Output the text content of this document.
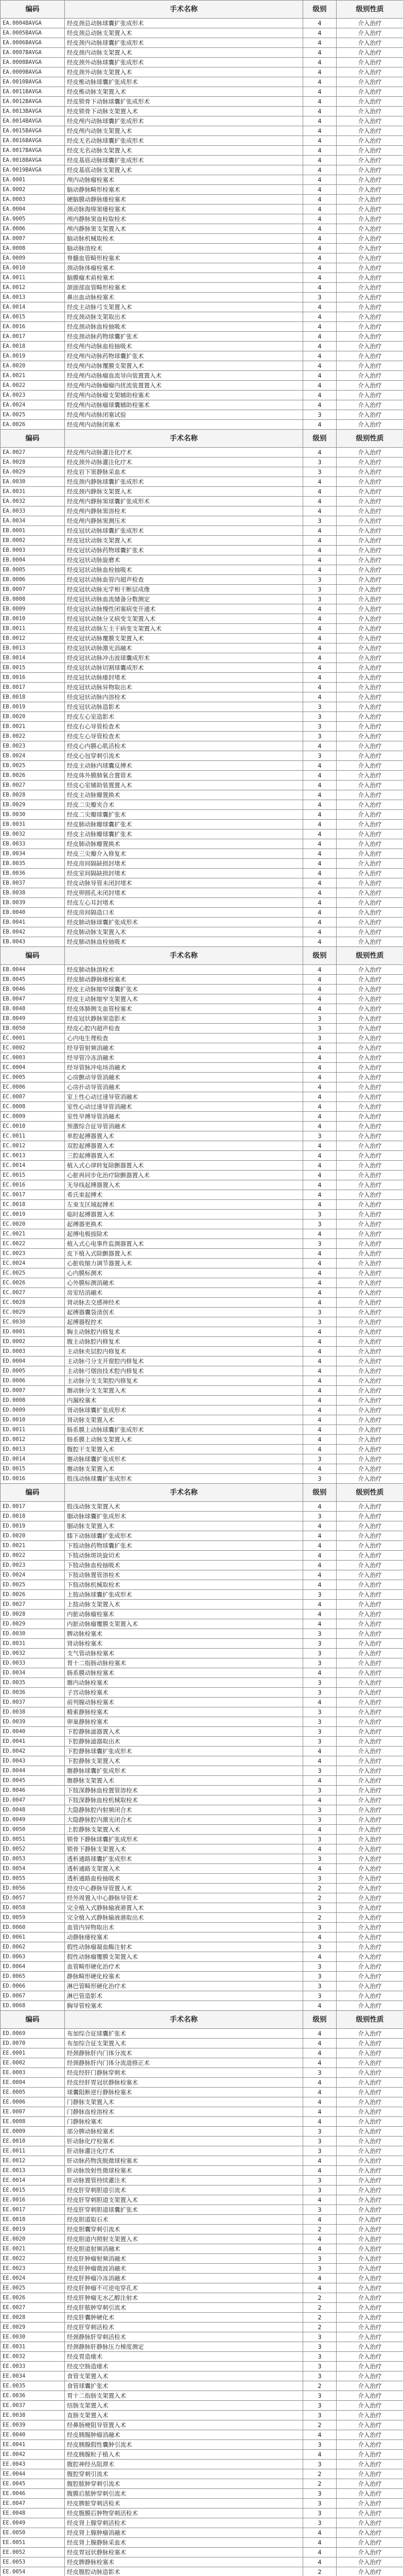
编码	手术名称	级别	级别性质
EA.0004BAVGA	经皮颈总动脉球囊扩张成形术	4	介入治疗
EA.0005BAVGA	经皮颈总动脉支架置入术	4	介入治疗
EA.0006BAVGA	经皮颈内动脉球囊扩张成形术	4	介入治疗
EA.0007BAVGA	经皮颈内动脉支架置入术	4	介入治疗
EA.0008BAVGA	经皮颈外动脉球囊扩张成形术	4	介入治疗
EA.0009BAVGA	经皮颈外动脉支架置入术	4	介入治疗
EA.0010BAVGA	经皮椎动脉球囊扩张成形术	4	介入治疗
EA.0011BAVGA	经皮椎动脉支架置入术	4	介入治疗
EA.0012BAVGA	经皮锁骨下动脉球囊扩张成形术	4	介入治疗
EA.0013BAVGA	经皮锁骨下动脉支架置入术	4	介入治疗
EA.0014BAVGA	经皮颅内动脉球囊扩张成形术	4	介入治疗
EA.0015BAVGA	经皮颅内动脉支架置入术	4	介入治疗
EA.0016BAVGA	经皮无名动脉球囊扩张成形术	4	介入治疗
EA.0017BAVGA	经皮无名动脉支架置入术	4	介入治疗
EA.0018BAVGA	经皮基底动脉球囊扩张成形术	4	介入治疗
EA.0019BAVGA	经皮基底动脉支架置入术	4	介入治疗
EA.0001	颅内动脉瘤栓塞术	4	介入治疗
EA.0002	脑动静脉畸形栓塞术	4	介入治疗
EA.0003	硬脑膜动静脉瘘栓塞术	4	介入治疗
EA.0004	颈动脉海绵窦瘘栓塞术	4	介入治疗
EA.0005	颅内静脉窦血栓取栓术	4	介入治疗
EA.0006	颅内静脉窦支架置入术	4	介入治疗
EA.0007	脑动脉机械取栓术	4	介入治疗
EA.0008	脑动脉溶栓术	4	介入治疗
EA.0009	脊髓血管畸形栓塞术	4	介入治疗
EA.0010	颈动脉体瘤栓塞术	4	介入治疗
EA.0011	脑膜瘤术前栓塞术	4	介入治疗
EA.0012	颌面部血管畸形栓塞术	4	介入治疗
EA.0013	鼻出血动脉栓塞术	3	介入治疗
EA.0014	经皮主动脉弓支架置入术	4	介入治疗
EA.0015	经皮颈动脉支架取出术	4	介入治疗
EA.0016	经皮颈动脉血栓抽吸术	4	介入治疗
EA.0017	经皮颈动脉药物球囊扩张术	4	介入治疗
EA.0018	经皮颅内动脉血栓抽吸术	4	介入治疗
EA.0019	经皮颅内动脉药物球囊扩张术	4	介入治疗
EA.0020	经皮颅内动脉覆膜支架置入术	4	介入治疗
EA.0021	经皮颅内动脉瘤血流导向装置置入术	4	介入治疗
EA.0022	经皮颅内动脉瘤瘤内扰流装置置入术	4	介入治疗
EA.0023	经皮颅内动脉瘤支架辅助栓塞术	4	介入治疗
EA.0024	经皮颅内动脉瘤球囊辅助栓塞术	4	介入治疗
EA.0025	经皮颅内动脉闭塞试验	3	介入治疗
EA.0026	经皮颅内动脉闭塞术	4	介入治疗
编码	手术名称	级别	级别性质
EA.0027	经皮颅内动脉灌注化疗术	4	介入治疗
EA.0028	经皮颈外动脉灌注化疗术	3	介入治疗
EA.0029	经皮岩下窦静脉采血术	3	介入治疗
EA.0030	经皮颈内静脉球囊扩张成形术	4	介入治疗
EA.0031	经皮颈内静脉支架置入术	4	介入治疗
EA.0032	经皮颅内静脉窦球囊扩张成形术	4	介入治疗
EA.0033	经皮颅内静脉窦溶栓术	4	介入治疗
EA.0034	经皮颅内静脉窦测压术	3	介入治疗
EB.0001	经皮冠状动脉球囊扩张成形术	4	介入治疗
EB.0002	经皮冠状动脉支架置入术	4	介入治疗
EB.0003	经皮冠状动脉药物球囊扩张术	4	介入治疗
EB.0004	经皮冠状动脉旋磨术	4	介入治疗
EB.0005	经皮冠状动脉血栓抽吸术	4	介入治疗
EB.0006	经皮冠状动脉血管内超声检查	3	介入治疗
EB.0007	经皮冠状动脉光学相干断层成像	3	介入治疗
EB.0008	经皮冠状动脉血流储备分数测定	3	介入治疗
EB.0009	经皮冠状动脉慢性闭塞病变开通术	4	介入治疗
EB.0010	经皮冠状动脉分叉病变支架置入术	4	介入治疗
EB.0011	经皮冠状动脉左主干病变支架置入术	4	介入治疗
EB.0012	经皮冠状动脉覆膜支架置入术	4	介入治疗
EB.0013	经皮冠状动脉激光消融术	4	介入治疗
EB.0014	经皮冠状动脉冲击波球囊成形术	4	介入治疗
EB.0015	经皮冠状动脉切割球囊成形术	4	介入治疗
EB.0016	经皮冠状动脉瘘封堵术	4	介入治疗
EB.0017	经皮冠状动脉异物取出术	4	介入治疗
EB.0018	经皮冠状动脉内溶栓术	4	介入治疗
EB.0019	经皮冠状动脉造影术	3	介入治疗
EB.0020	经皮左心室造影术	3	介入治疗
EB.0021	经皮右心导管检查术	3	介入治疗
EB.0022	经皮左心导管检查术	3	介入治疗
EB.0023	经皮心内膜心肌活检术	4	介入治疗
EB.0024	经皮心包穿刺引流术	3	介入治疗
EB.0025	经皮主动脉内球囊反搏术	4	介入治疗
EB.0026	经皮体外膜肺氧合置管术	4	介入治疗
EB.0027	经皮心室辅助装置置入术	4	介入治疗
EB.0028	经皮主动脉瓣置换术	4	介入治疗
EB.0029	经皮二尖瓣夹合术	4	介入治疗
EB.0030	经皮二尖瓣球囊扩张术	4	介入治疗
EB.0031	经皮肺动脉瓣球囊扩张术	4	介入治疗
EB.0032	经皮主动脉瓣球囊扩张术	4	介入治疗
EB.0033	经皮肺动脉瓣置换术	4	介入治疗
EB.0034	经皮三尖瓣介入修复术	4	介入治疗
EB.0035	经皮房间隔缺损封堵术	4	介入治疗
EB.0036	经皮室间隔缺损封堵术	4	介入治疗
EB.0037	经皮动脉导管未闭封堵术	4	介入治疗
EB.0038	经皮卵圆孔未闭封堵术	4	介入治疗
EB.0039	经皮左心耳封堵术	4	介入治疗
EB.0040	经皮房间隔造口术	4	介入治疗
EB.0041	经皮肺动脉球囊扩张成形术	4	介入治疗
EB.0042	经皮肺动脉支架置入术	4	介入治疗
EB.0043	经皮肺动脉血栓抽吸术	4	介入治疗
编码	手术名称	级别	级别性质
EB.0044	经皮肺动脉溶栓术	4	介入治疗
EB.0045	经皮肺动静脉瘘栓塞术	4	介入治疗
EB.0046	经皮主动脉缩窄球囊扩张术	4	介入治疗
EB.0047	经皮主动脉缩窄支架置入术	4	介入治疗
EB.0048	经皮体肺侧支血管栓塞术	4	介入治疗
EB.0049	经皮冠状静脉窦造影术	3	介入治疗
EB.0050	经皮心腔内超声检查	3	介入治疗
EC.0001	心内电生理检查	3	介入治疗
EC.0002	经导管射频消融术	4	介入治疗
EC.0003	经导管冷冻消融术	4	介入治疗
EC.0004	经导管脉冲电场消融术	4	介入治疗
EC.0005	心房颤动导管消融术	4	介入治疗
EC.0006	心房扑动导管消融术	4	介入治疗
EC.0007	室上性心动过速导管消融术	4	介入治疗
EC.0008	室性心动过速导管消融术	4	介入治疗
EC.0009	室性早搏导管消融术	4	介入治疗
EC.0010	预激综合征导管消融术	4	介入治疗
EC.0011	单腔起搏器置入术	3	介入治疗
EC.0012	双腔起搏器置入术	4	介入治疗
EC.0013	三腔起搏器置入术	4	介入治疗
EC.0014	植入式心律转复除颤器置入术	4	介入治疗
EC.0015	心脏再同步化治疗除颤器置入术	4	介入治疗
EC.0016	无导线起搏器置入术	4	介入治疗
EC.0017	希氏束起搏术	4	介入治疗
EC.0018	左束支区域起搏术	4	介入治疗
EC.0019	临时起搏器置入术	3	介入治疗
EC.0020	起搏器更换术	3	介入治疗
EC.0021	起搏电极拔除术	4	介入治疗
EC.0022	植入式心电事件监测器置入术	3	介入治疗
EC.0023	皮下植入式除颤器置入术	4	介入治疗
EC.0024	心脏收缩力调节器置入术	4	介入治疗
EC.0025	心内膜标测术	4	介入治疗
EC.0026	心外膜标测消融术	4	介入治疗
EC.0027	房室结消融术	4	介入治疗
EC.0028	肾动脉去交感神经术	4	介入治疗
EC.0029	起搏器囊袋清创术	3	介入治疗
EC.0030	起搏器程控术	3	介入治疗
ED.0001	胸主动脉腔内修复术	4	介入治疗
ED.0002	腹主动脉腔内修复术	4	介入治疗
ED.0003	主动脉夹层腔内修复术	4	介入治疗
ED.0004	主动脉弓分支开窗腔内修复术	4	介入治疗
ED.0005	主动脉弓烟囱技术腔内修复术	4	介入治疗
ED.0006	主动脉分支支架腔内修复术	4	介入治疗
ED.0007	髂动脉分支支架置入术	4	介入治疗
ED.0008	内漏栓塞术	4	介入治疗
ED.0009	肾动脉球囊扩张成形术	4	介入治疗
ED.0010	肾动脉支架置入术	4	介入治疗
ED.0011	肠系膜上动脉球囊扩张成形术	4	介入治疗
ED.0012	肠系膜上动脉支架置入术	4	介入治疗
ED.0013	腹腔干支架置入术	4	介入治疗
ED.0014	髂动脉球囊扩张成形术	3	介入治疗
ED.0015	髂动脉支架置入术	4	介入治疗
ED.0016	股浅动脉球囊扩张成形术	3	介入治疗
编码	手术名称	级别	级别性质
ED.0017	股浅动脉支架置入术	4	介入治疗
ED.0018	腘动脉球囊扩张成形术	3	介入治疗
ED.0019	腘动脉支架置入术	4	介入治疗
ED.0020	膝下动脉球囊扩张成形术	4	介入治疗
ED.0021	下肢动脉药物球囊扩张术	4	介入治疗
ED.0022	下肢动脉斑块旋切术	4	介入治疗
ED.0023	下肢动脉血栓抽吸术	4	介入治疗
ED.0024	下肢动脉置管溶栓术	4	介入治疗
ED.0025	下肢动脉机械取栓术	4	介入治疗
ED.0026	上肢动脉球囊扩张成形术	3	介入治疗
ED.0027	上肢动脉支架置入术	4	介入治疗
ED.0028	内脏动脉瘤栓塞术	4	介入治疗
ED.0029	内脏动脉瘤覆膜支架置入术	4	介入治疗
ED.0030	脾动脉栓塞术	3	介入治疗
ED.0031	肾动脉栓塞术	3	介入治疗
ED.0032	支气管动脉栓塞术	3	介入治疗
ED.0033	胃十二指肠动脉栓塞术	3	介入治疗
ED.0034	肠系膜动脉栓塞术	4	介入治疗
ED.0035	髂内动脉栓塞术	3	介入治疗
ED.0036	子宫动脉栓塞术	3	介入治疗
ED.0037	前列腺动脉栓塞术	4	介入治疗
ED.0038	精索静脉栓塞术	3	介入治疗
ED.0039	卵巢静脉栓塞术	3	介入治疗
ED.0040	下腔静脉滤器置入术	3	介入治疗
ED.0041	下腔静脉滤器取出术	3	介入治疗
ED.0042	下腔静脉球囊扩张成形术	4	介入治疗
ED.0043	下腔静脉支架置入术	4	介入治疗
ED.0044	髂静脉球囊扩张成形术	3	介入治疗
ED.0045	髂静脉支架置入术	4	介入治疗
ED.0046	下肢深静脉血栓置管溶栓术	3	介入治疗
ED.0047	下肢深静脉血栓机械取栓术	4	介入治疗
ED.0048	大隐静脉腔内射频闭合术	3	介入治疗
ED.0049	大隐静脉腔内激光闭合术	3	介入治疗
ED.0050	上腔静脉支架置入术	4	介入治疗
ED.0051	锁骨下静脉球囊扩张成形术	3	介入治疗
ED.0052	锁骨下静脉支架置入术	4	介入治疗
ED.0053	透析通路球囊扩张成形术	3	介入治疗
ED.0054	透析通路支架置入术	4	介入治疗
ED.0055	透析通路血栓抽吸术	3	介入治疗
ED.0056	经皮中心静脉导管置入术	2	介入治疗
ED.0057	经外周置入中心静脉导管术	2	介入治疗
ED.0058	完全植入式静脉输液港置入术	3	介入治疗
ED.0059	完全植入式静脉输液港取出术	2	介入治疗
ED.0060	血管内异物取出术	3	介入治疗
ED.0061	动静脉瘘栓塞术	4	介入治疗
ED.0062	假性动脉瘤凝血酶注射术	3	介入治疗
ED.0063	假性动脉瘤覆膜支架置入术	4	介入治疗
ED.0064	血管畸形硬化治疗术	3	介入治疗
ED.0065	静脉畸形硬化栓塞术	3	介入治疗
ED.0066	淋巴管畸形硬化治疗术	3	介入治疗
ED.0067	淋巴管造影术	3	介入治疗
ED.0068	胸导管栓塞术	4	介入治疗
编码	手术名称	级别	级别性质
ED.0069	布加综合征球囊扩张术	4	介入治疗
ED.0070	布加综合征支架置入术	4	介入治疗
EE.0001	经颈静脉肝内门体分流术	4	介入治疗
EE.0002	经颈静脉肝内门体分流道修正术	4	介入治疗
EE.0003	经皮经肝门静脉穿刺术	3	介入治疗
EE.0004	经皮经肝胃冠状静脉栓塞术	4	介入治疗
EE.0005	球囊阻断逆行静脉栓塞术	4	介入治疗
EE.0006	门静脉支架置入术	4	介入治疗
EE.0007	门静脉血栓溶栓术	4	介入治疗
EE.0008	门静脉栓塞术	4	介入治疗
EE.0009	部分脾动脉栓塞术	3	介入治疗
EE.0010	肝动脉化疗栓塞术	3	介入治疗
EE.0011	肝动脉灌注化疗术	3	介入治疗
EE.0012	肝动脉药物洗脱微球栓塞术	4	介入治疗
EE.0013	肝动脉放射性微球栓塞术	4	介入治疗
EE.0014	肝动脉置管持续灌注术	3	介入治疗
EE.0015	经皮肝穿刺胆道引流术	3	介入治疗
EE.0016	经皮肝穿刺胆道支架置入术	4	介入治疗
EE.0017	经皮肝穿刺胆道球囊扩张术	3	介入治疗
EE.0018	经皮胆道取石术	4	介入治疗
EE.0019	经皮胆囊穿刺引流术	2	介入治疗
EE.0020	经皮胆道内照射支架置入术	4	介入治疗
EE.0021	经皮胆道射频消融术	4	介入治疗
EE.0022	经皮肝肿瘤射频消融术	3	介入治疗
EE.0023	经皮肝肿瘤微波消融术	3	介入治疗
EE.0024	经皮肝肿瘤冷冻消融术	4	介入治疗
EE.0025	经皮肝肿瘤不可逆电穿孔术	4	介入治疗
EE.0026	经皮肝肿瘤无水乙醇注射术	2	介入治疗
EE.0027	经皮肝脓肿穿刺引流术	2	介入治疗
EE.0028	经皮肝囊肿硬化术	2	介入治疗
EE.0029	经皮肝穿刺活检术	2	介入治疗
EE.0030	经颈静脉肝穿刺活检术	3	介入治疗
EE.0031	经颈静脉肝静脉压力梯度测定	3	介入治疗
EE.0032	经皮胃造瘘术	3	介入治疗
EE.0033	经皮空肠造瘘术	3	介入治疗
EE.0034	食管支架置入术	3	介入治疗
EE.0035	食管球囊扩张术	2	介入治疗
EE.0036	胃十二指肠支架置入术	3	介入治疗
EE.0037	结肠支架置入术	3	介入治疗
EE.0038	直肠支架置入术	3	介入治疗
EE.0039	经鼻肠梗阻导管置入术	2	介入治疗
EE.0040	经皮胰腺肿瘤消融术	4	介入治疗
EE.0041	经皮胰腺假性囊肿引流术	3	介入治疗
EE.0042	经皮胰腺粒子植入术	4	介入治疗
EE.0043	腹腔神经丛阻滞术	3	介入治疗
EE.0044	腹腔穿刺引流术	2	介入治疗
EE.0045	腹腔脓肿穿刺引流术	2	介入治疗
EE.0046	腹膜后脓肿穿刺引流术	3	介入治疗
EE.0047	经皮脾脏穿刺活检术	3	介入治疗
EE.0048	经皮腹膜后肿物穿刺活检术	3	介入治疗
EE.0049	经皮肾上腺穿刺活检术	3	介入治疗
EE.0050	经皮肾上腺肿瘤消融术	4	介入治疗
EE.0051	经皮肾上腺静脉采血术	4	介入治疗
EE.0052	经皮胃冠状静脉栓塞术	4	介入治疗
EE.0053	经皮脾静脉栓塞术	4	介入治疗
EE.0054	经皮腹腔动脉造影术	2	介入治疗
